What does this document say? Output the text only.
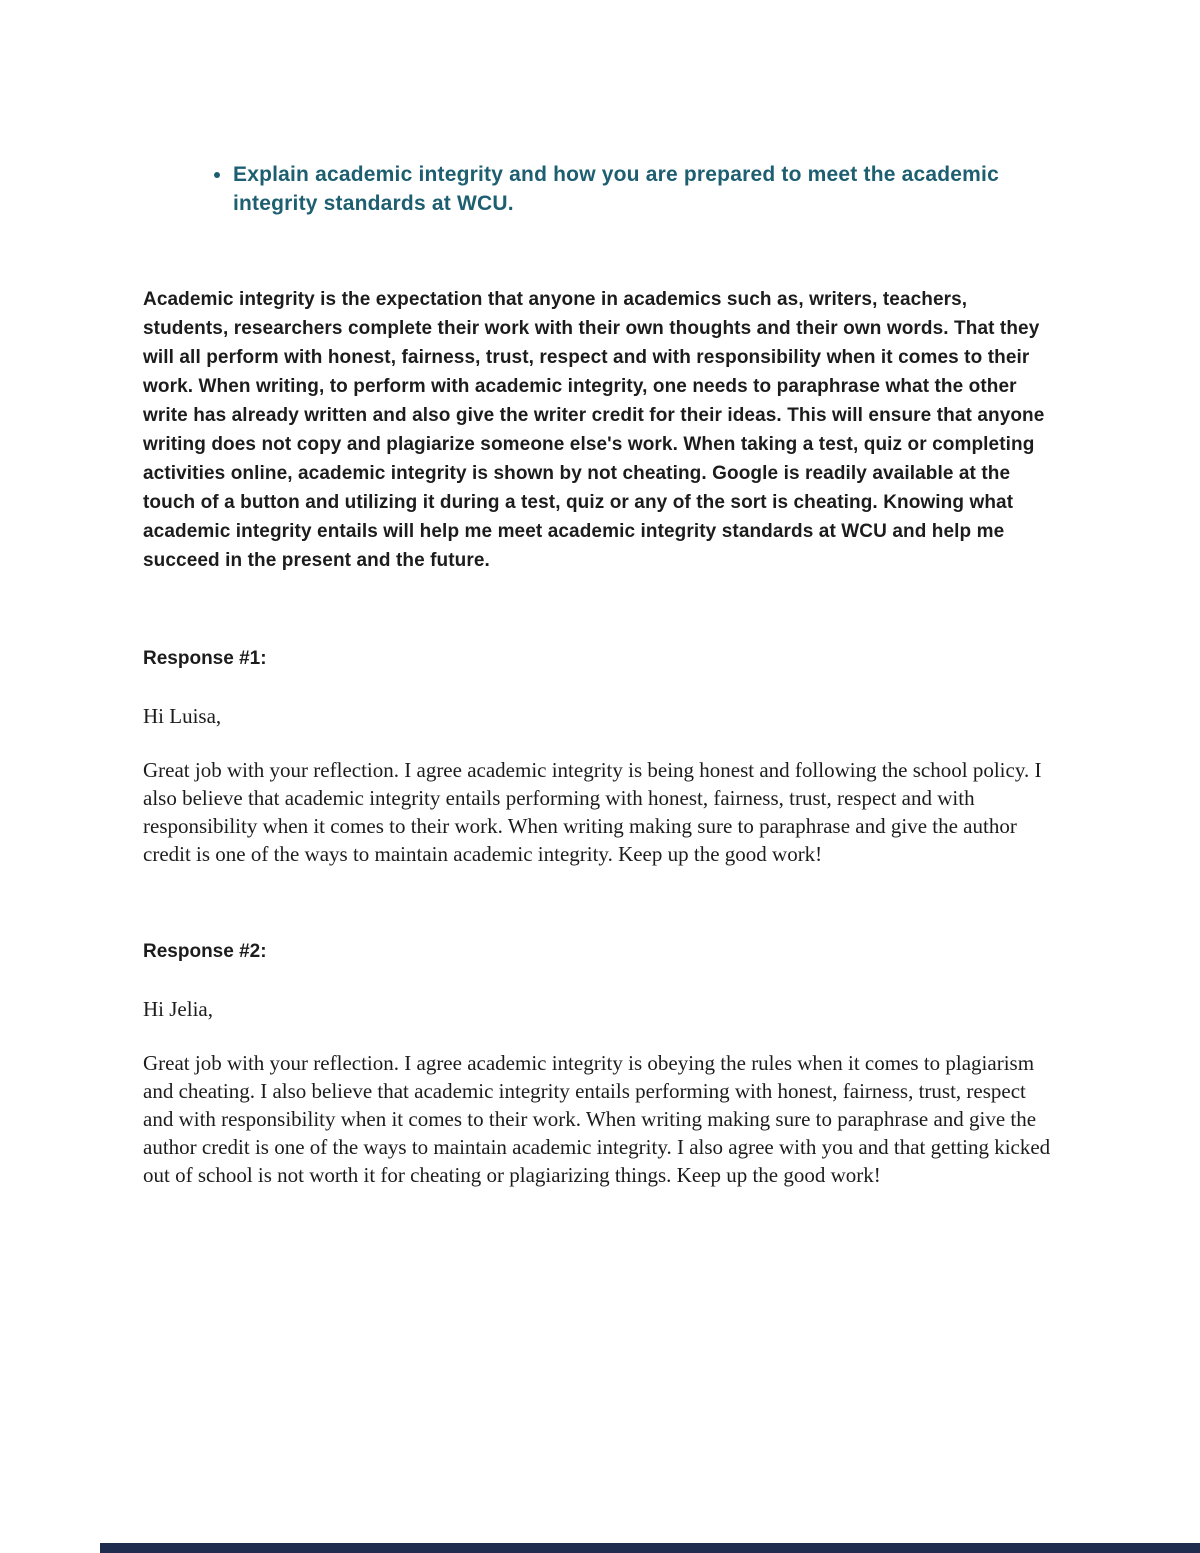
• Explain academic integrity and how you are prepared to meet the academic integrity standards at WCU.

Academic integrity is the expectation that anyone in academics such as, writers, teachers, students, researchers complete their work with their own thoughts and their own words. That they will all perform with honest, fairness, trust, respect and with responsibility when it comes to their work. When writing, to perform with academic integrity, one needs to paraphrase what the other write has already written and also give the writer credit for their ideas. This will ensure that anyone writing does not copy and plagiarize someone else's work. When taking a test, quiz or completing activities online, academic integrity is shown by not cheating. Google is readily available at the touch of a button and utilizing it during a test, quiz or any of the sort is cheating. Knowing what academic integrity entails will help me meet academic integrity standards at WCU and help me succeed in the present and the future.

Response #1:

Hi Luisa,

Great job with your reflection. I agree academic integrity is being honest and following the school policy. I also believe that academic integrity entails performing with honest, fairness, trust, respect and with responsibility when it comes to their work. When writing making sure to paraphrase and give the author credit is one of the ways to maintain academic integrity. Keep up the good work!

Response #2:

Hi Jelia,

Great job with your reflection. I agree academic integrity is obeying the rules when it comes to plagiarism and cheating. I also believe that academic integrity entails performing with honest, fairness, trust, respect and with responsibility when it comes to their work. When writing making sure to paraphrase and give the author credit is one of the ways to maintain academic integrity. I also agree with you and that getting kicked out of school is not worth it for cheating or plagiarizing things. Keep up the good work!
